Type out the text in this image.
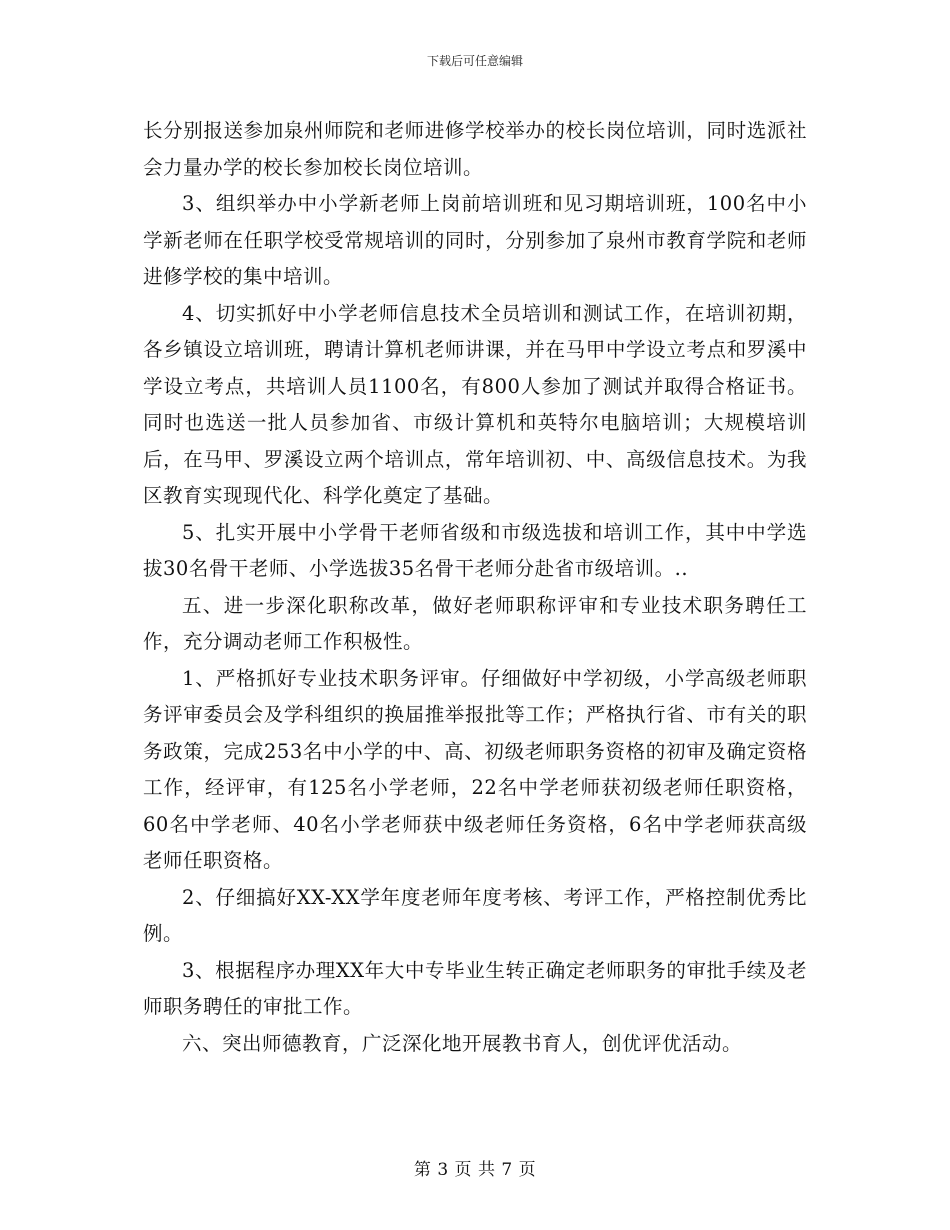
下载后可任意编辑

长分别报送参加泉州师院和老师进修学校举办的校长岗位培训，同时选派社会力量办学的校长参加校长岗位培训。

3、组织举办中小学新老师上岗前培训班和见习期培训班，100名中小学新老师在任职学校受常规培训的同时，分别参加了泉州市教育学院和老师进修学校的集中培训。

4、切实抓好中小学老师信息技术全员培训和测试工作，在培训初期，各乡镇设立培训班，聘请计算机老师讲课，并在马甲中学设立考点和罗溪中学设立考点，共培训人员1100名，有800人参加了测试并取得合格证书。同时也选送一批人员参加省、市级计算机和英特尔电脑培训；大规模培训后，在马甲、罗溪设立两个培训点，常年培训初、中、高级信息技术。为我区教育实现现代化、科学化奠定了基础。

5、扎实开展中小学骨干老师省级和市级选拔和培训工作，其中中学选拔30名骨干老师、小学选拔35名骨干老师分赴省市级培训。..

五、进一步深化职称改革，做好老师职称评审和专业技术职务聘任工作，充分调动老师工作积极性。

1、严格抓好专业技术职务评审。仔细做好中学初级，小学高级老师职务评审委员会及学科组织的换届推举报批等工作；严格执行省、市有关的职务政策，完成253名中小学的中、高、初级老师职务资格的初审及确定资格工作，经评审，有125名小学老师，22名中学老师获初级老师任职资格，60名中学老师、40名小学老师获中级老师任务资格，6名中学老师获高级老师任职资格。

2、仔细搞好XX-XX学年度老师年度考核、考评工作，严格控制优秀比例。

3、根据程序办理XX年大中专毕业生转正确定老师职务的审批手续及老师职务聘任的审批工作。

六、突出师德教育，广泛深化地开展教书育人，创优评优活动。

第 3 页 共 7 页
